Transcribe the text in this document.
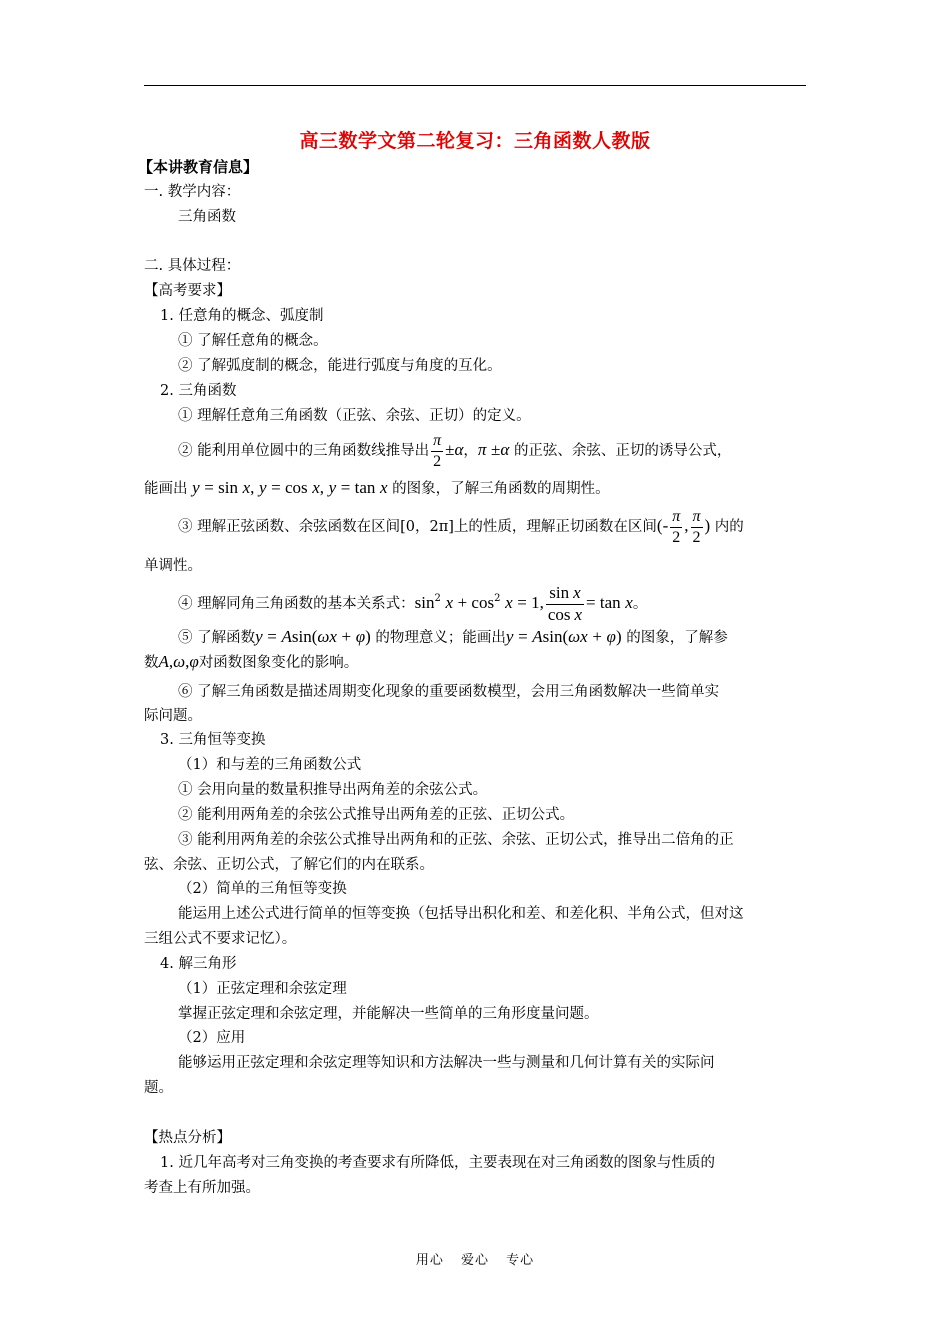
高三数学文第二轮复习：三角函数人教版
【本讲教育信息】
一. 教学内容：
三角函数
二. 具体过程：
【高考要求】
1. 任意角的概念、弧度制
① 了解任意角的概念。
② 了解弧度制的概念，能进行弧度与角度的互化。
2. 三角函数
① 理解任意角三角函数（正弦、余弦、正切）的定义。
② 能利用单位圆中的三角函数线推导出 $\frac{\pi}{2} \pm\alpha$，π ±α 的正弦、余弦、正切的诱导公式，
能画出 y = sin x, y = cos x, y = tan x 的图象，了解三角函数的周期性。
③ 理解正弦函数、余弦函数在区间[0，2π]上的性质，理解正切函数在区间(- $\frac{\pi}{2}$ , $\frac{\pi}{2}$ ) 内的
单调性。
④ 理解同角三角函数的基本关系式：$\sin^2 x + \cos^2 x = 1$, $\frac{\text{sin x}}{\text{cos x}} = \tan x$。
⑤ 了解函数y = Asin(ωx + φ) 的物理意义；能画出y = Asin(ωx + φ) 的图象，了解参
数A,ω,φ对函数图象变化的影响。
⑥ 了解三角函数是描述周期变化现象的重要函数模型，会用三角函数解决一些简单实
际问题。
3. 三角恒等变换
（1）和与差的三角函数公式
① 会用向量的数量积推导出两角差的余弦公式。
② 能利用两角差的余弦公式推导出两角差的正弦、正切公式。
③ 能利用两角差的余弦公式推导出两角和的正弦、余弦、正切公式，推导出二倍角的正
弦、余弦、正切公式，了解它们的内在联系。
（2）简单的三角恒等变换
能运用上述公式进行简单的恒等变换（包括导出积化和差、和差化积、半角公式，但对这
三组公式不要求记忆）。
4. 解三角形
（1）正弦定理和余弦定理
掌握正弦定理和余弦定理，并能解决一些简单的三角形度量问题。
（2）应用
能够运用正弦定理和余弦定理等知识和方法解决一些与测量和几何计算有关的实际问
题。
【热点分析】
1. 近几年高考对三角变换的考查要求有所降低，主要表现在对三角函数的图象与性质的
考查上有所加强。
用心 爱心 专心
